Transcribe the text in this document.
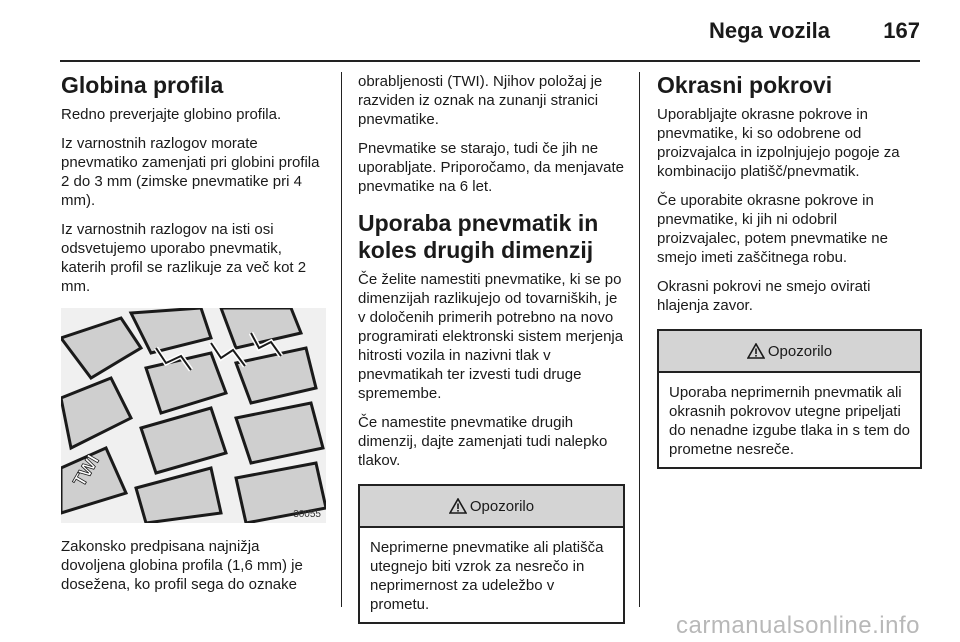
Nega vozila 167
Globina profila

Redno preverjajte globino profila.

Iz varnostnih razlogov morate pnevmatiko zamenjati pri globini profila 2 do 3 mm (zimske pnevmatike pri 4 mm).

Iz varnostnih razlogov na isti osi odsvetujemo uporabo pnevmatik, katerih profil se razlikuje za več kot 2 mm.

TWI
30055

Zakonsko predpisana najnižja dovoljena globina profila (1,6 mm) je dosežena, ko profil sega do oznake

obrabljenosti (TWI). Njihov položaj je razviden iz oznak na zunanji stranici pnevmatike.

Pnevmatike se starajo, tudi če jih ne uporabljate. Priporočamo, da menjavate pnevmatike na 6 let.

Uporaba pnevmatik in koles drugih dimenzij

Če želite namestiti pnevmatike, ki se po dimenzijah razlikujejo od tovarniških, je v določenih primerih potrebno na novo programirati elektronski sistem merjenja hitrosti vozila in nazivni tlak v pnevmatikah ter izvesti tudi druge spremembe.

Če namestite pnevmatike drugih dimenzij, dajte zamenjati tudi nalepko tlakov.

Opozorilo
Neprimerne pnevmatike ali platišča utegnejo biti vzrok za nesrečo in neprimernost za udeležbo v prometu.
Okrasni pokrovi

Uporabljajte okrasne pokrove in pnevmatike, ki so odobrene od proizvajalca in izpolnjujejo pogoje za kombinacijo platišč/pnevmatik.

Če uporabite okrasne pokrove in pnevmatike, ki jih ni odobril proizvajalec, potem pnevmatike ne smejo imeti zaščitnega robu.

Okrasni pokrovi ne smejo ovirati hlajenja zavor.

Opozorilo
Uporaba neprimernih pnevmatik ali okrasnih pokrovov utegne pripeljati do nenadne izgube tlaka in s tem do prometne nesreče.
carmanualsonline.info
